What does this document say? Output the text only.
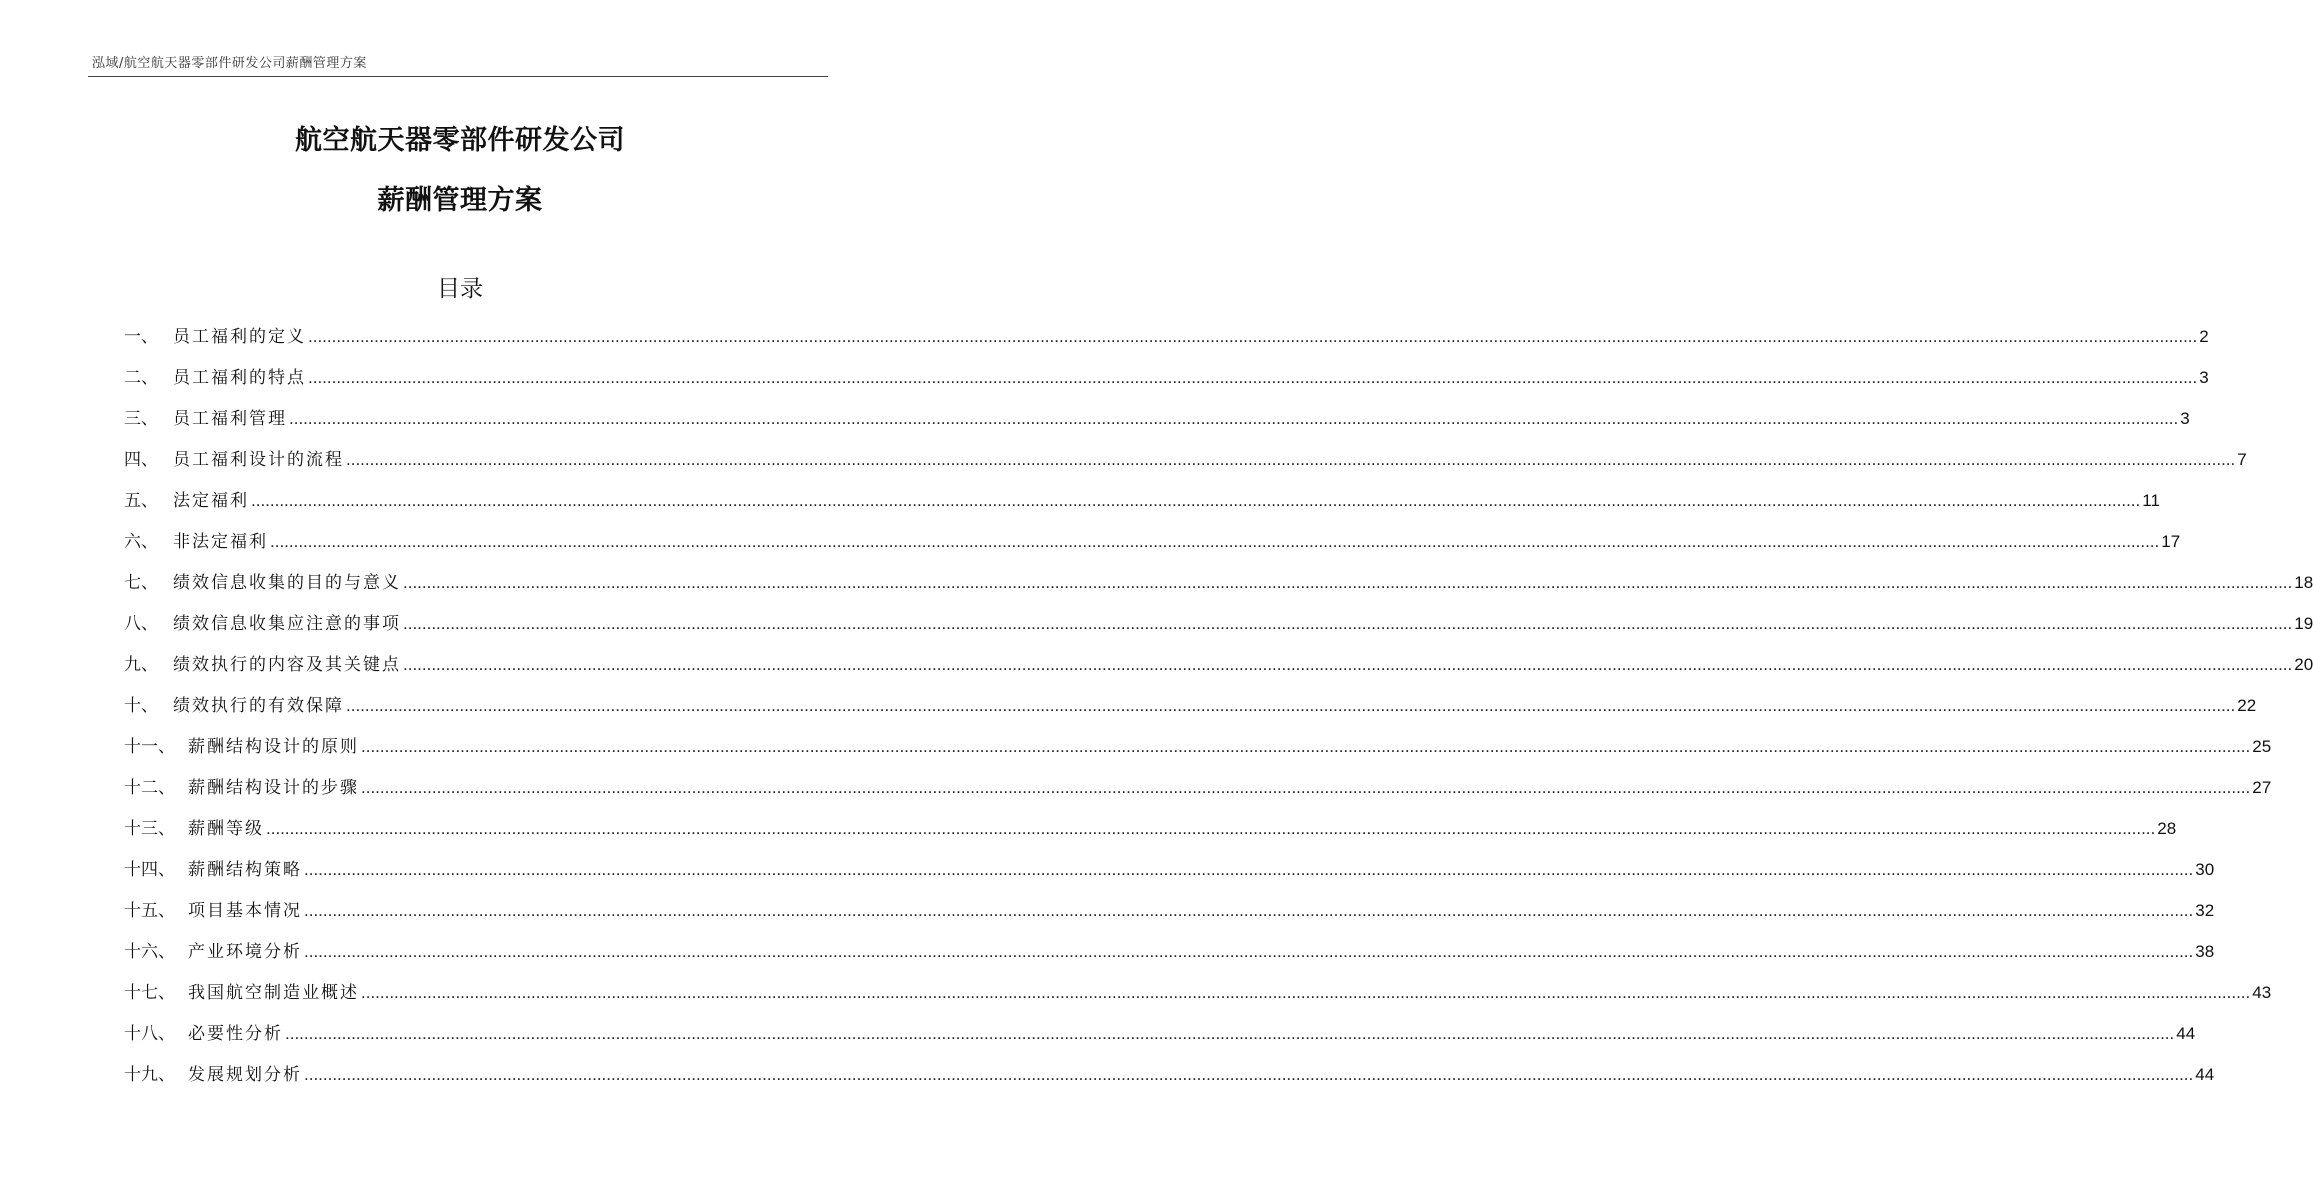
泓域/航空航天器零部件研发公司薪酬管理方案
航空航天器零部件研发公司
薪酬管理方案
目录
一 、 员工福利的定义 ................................................................................................................................................................................................................................................................................................................................................................................................................ 2
二 、 员工福利的特点 ................................................................................................................................................................................................................................................................................................................................................................................................................ 3
三 、 员工福利管理 ................................................................................................................................................................................................................................................................................................................................................................................................................ 3
四 、 员工福利设计的流程 ................................................................................................................................................................................................................................................................................................................................................................................................................ 7
五 、 法定福利 ................................................................................................................................................................................................................................................................................................................................................................................................................ 11
六 、 非法定福利 ................................................................................................................................................................................................................................................................................................................................................................................................................ 17
七 、 绩效信息收集的目的与意义 ................................................................................................................................................................................................................................................................................................................................................................................................................ 18
八 、 绩效信息收集应注意的事项 ................................................................................................................................................................................................................................................................................................................................................................................................................ 19
九 、 绩效执行的内容及其关键点 ................................................................................................................................................................................................................................................................................................................................................................................................................ 20
十 、 绩效执行的有效保障 ................................................................................................................................................................................................................................................................................................................................................................................................................ 22
十一 、 薪酬结构设计的原则 ................................................................................................................................................................................................................................................................................................................................................................................................................ 25
十二 、 薪酬结构设计的步骤 ................................................................................................................................................................................................................................................................................................................................................................................................................ 27
十三 、 薪酬等级 ................................................................................................................................................................................................................................................................................................................................................................................................................ 28
十四 、 薪酬结构策略 ................................................................................................................................................................................................................................................................................................................................................................................................................ 30
十五 、 项目基本情况 ................................................................................................................................................................................................................................................................................................................................................................................................................ 32
十六 、 产业环境分析 ................................................................................................................................................................................................................................................................................................................................................................................................................ 38
十七 、 我国航空制造业概述 ................................................................................................................................................................................................................................................................................................................................................................................................................ 43
十八 、 必要性分析 ................................................................................................................................................................................................................................................................................................................................................................................................................ 44
十九 、 发展规划分析 ................................................................................................................................................................................................................................................................................................................................................................................................................ 44
